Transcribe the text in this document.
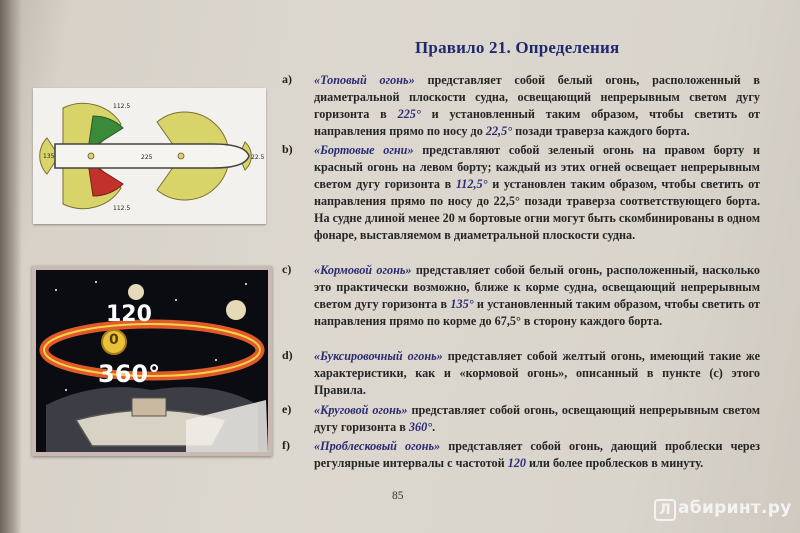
112.5
112.5
135	225	22.5
120
0
360°
Правило 21. Определения
a) «Топовый огонь» представляет собой белый огонь, расположенный в диаметральной плоскости судна, освещающий непрерывным светом дугу горизонта в 225° и установленный таким образом, чтобы светить от направления прямо по носу до 22,5° позади траверза каждого борта.
b) «Бортовые огни» представляют собой зеленый огонь на правом борту и красный огонь на левом борту; каждый из этих огней освещает непрерывным светом дугу горизонта в 112,5° и установлен таким образом, чтобы светить от направления прямо по носу до 22,5° позади траверза соответствующего борта. На судне длиной менее 20 м бортовые огни могут быть скомбинированы в одном фонаре, выставляемом в диаметральной плоскости судна.
c) «Кормовой огонь» представляет собой белый огонь, расположенный, насколько это практически возможно, ближе к корме судна, освещающий непрерывным светом дугу горизонта в 135° и установленный таким образом, чтобы светить от направления прямо по корме до 67,5° в сторону каждого борта.
d) «Буксировочный огонь» представляет собой желтый огонь, имеющий такие же характеристики, как и «кормовой огонь», описанный в пункте (с) этого Правила.
e) «Круговой огонь» представляет собой огонь, освещающий непрерывным светом дугу горизонта в 360°.
f) «Проблесковый огонь» представляет собой огонь, дающий проблески через регулярные интервалы с частотой 120 или более проблесков в минуту.
85
Л абиринт.ру
